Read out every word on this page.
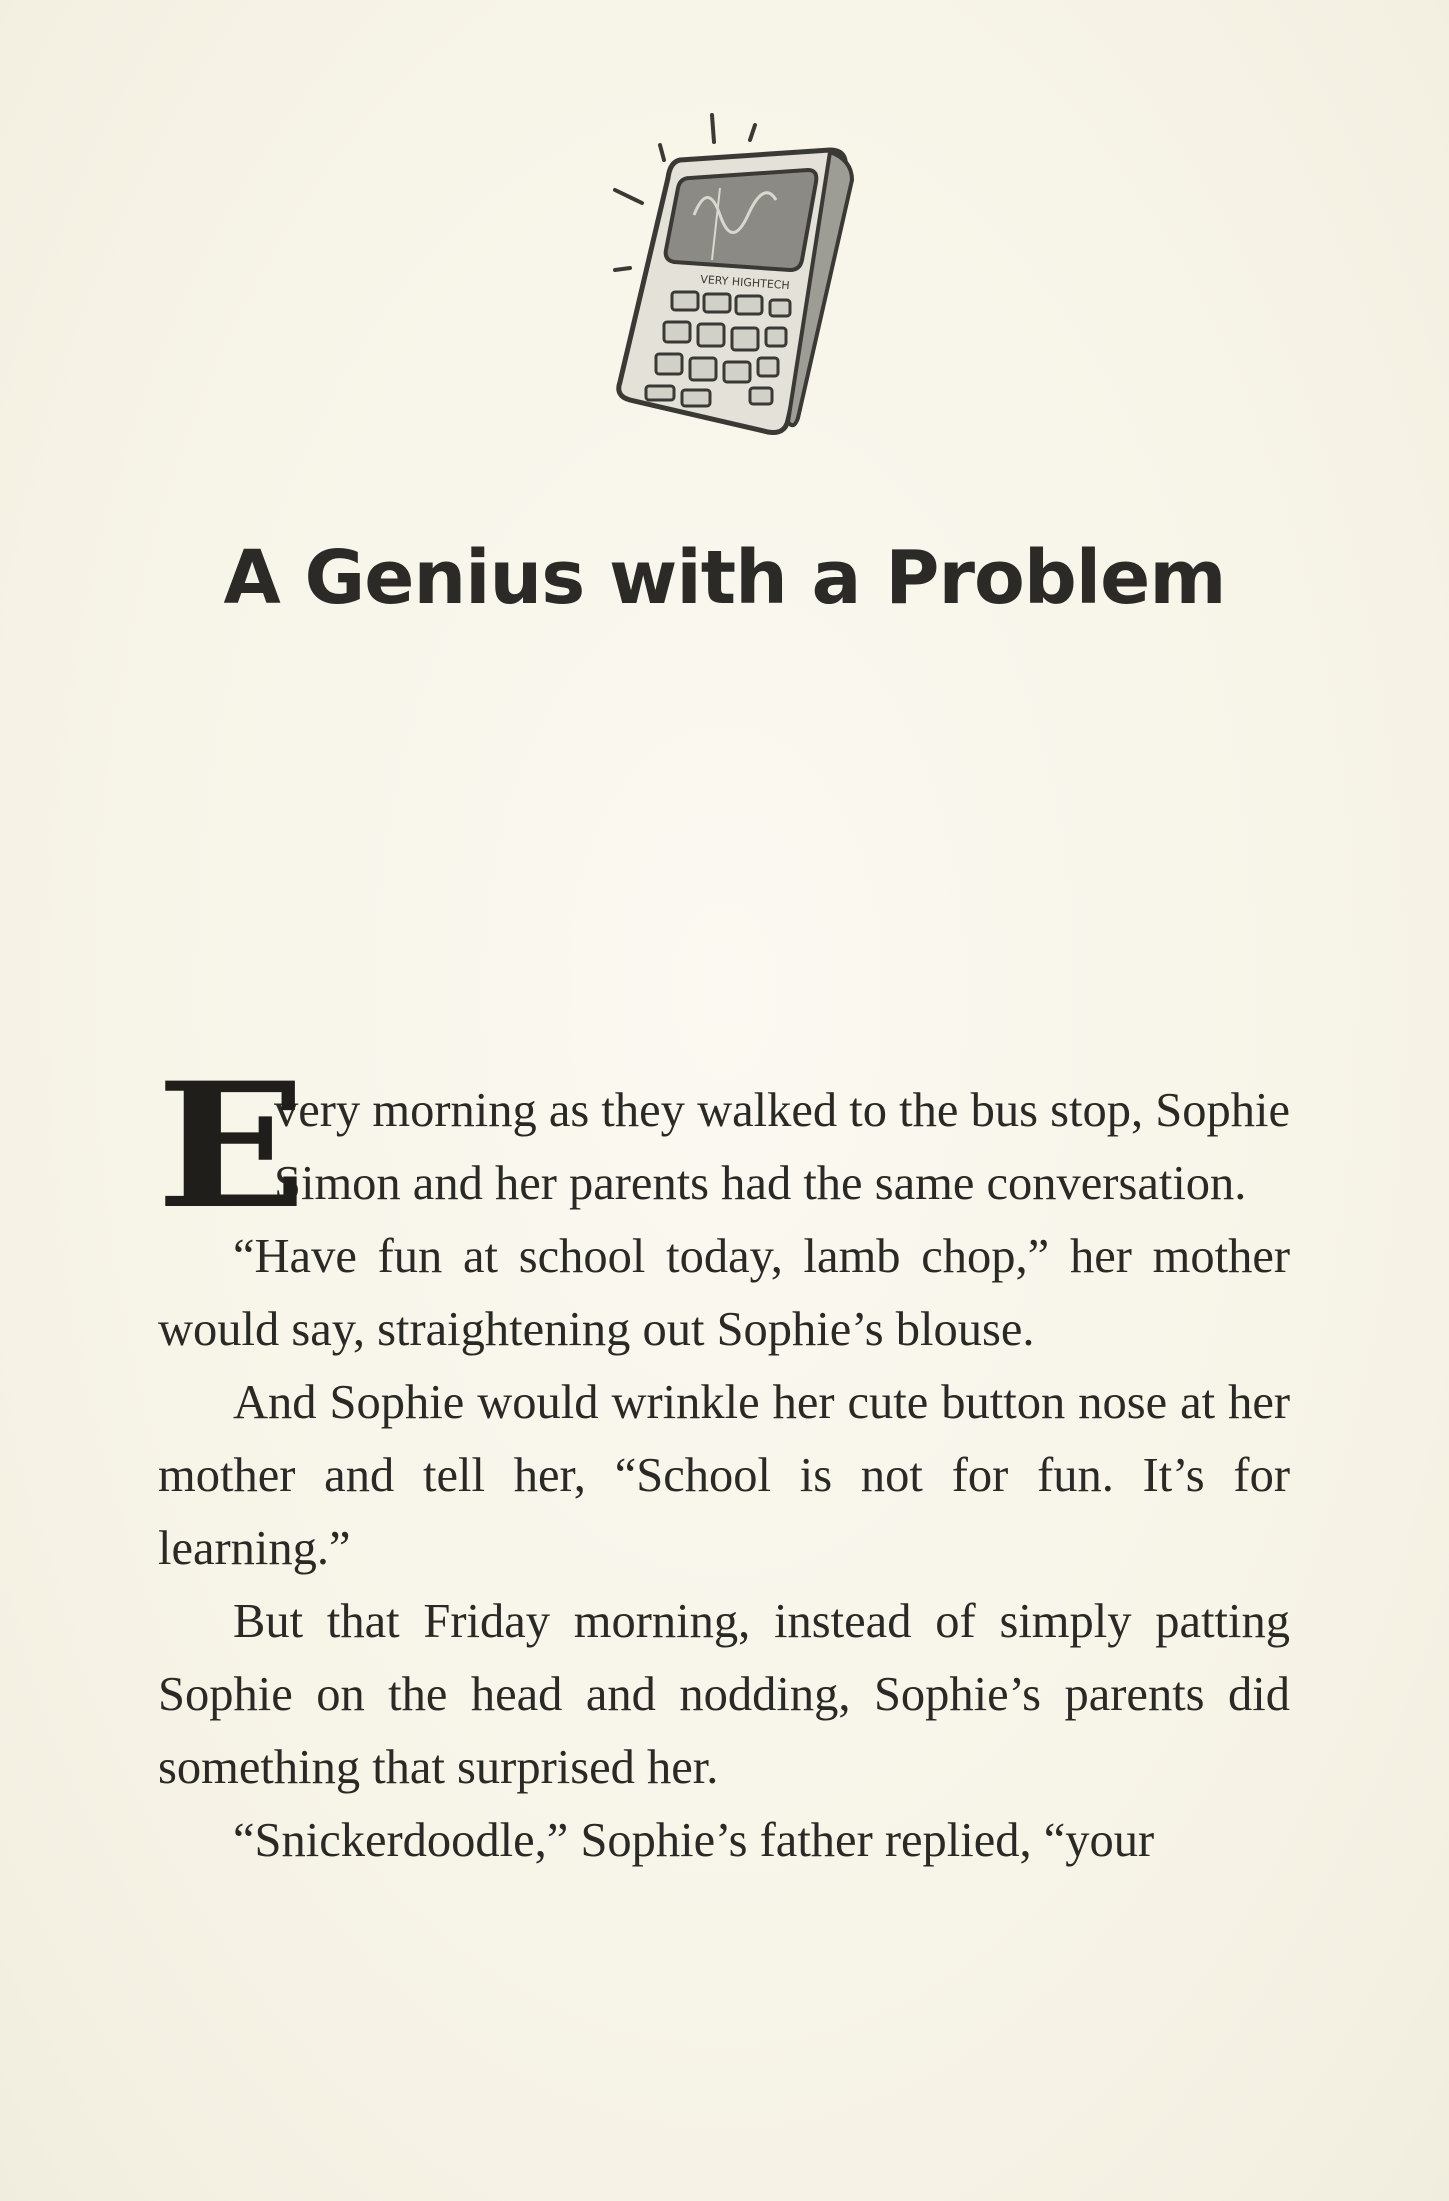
VERY HIGHTECH
A Genius with a Problem

E
very morning as they walked to the bus stop, Sophie Simon and her parents had the same conversation.

“Have fun at school today, lamb chop,” her mother would say, straightening out Sophie’s blouse.

And Sophie would wrinkle her cute button nose at her mother and tell her, “School is not for fun. It’s for learning.”

But that Friday morning, instead of simply patting Sophie on the head and nodding, Sophie’s parents did something that surprised her.

“Snickerdoodle,” Sophie’s father replied, “your
